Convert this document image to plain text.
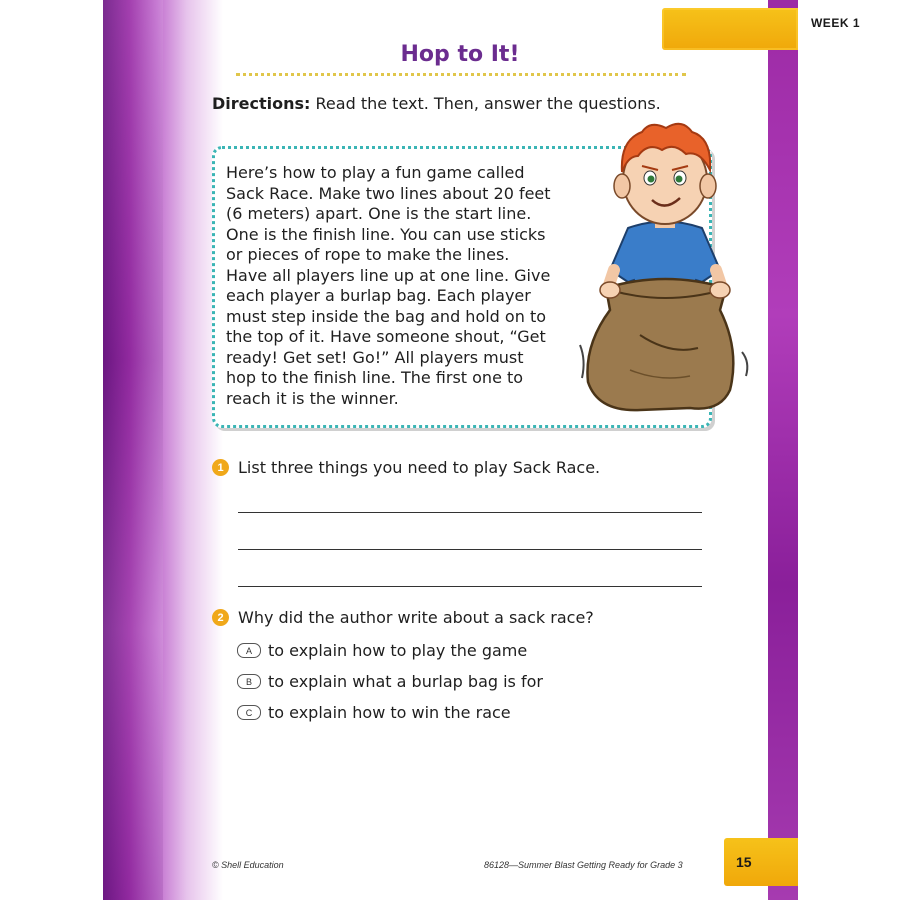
WEEK 1
Hop to It!
Directions: Read the text. Then, answer the questions.

Here’s how to play a fun game called
Sack Race. Make two lines about 20 feet
(6 meters) apart. One is the start line.
One is the finish line. You can use sticks
or pieces of rope to make the lines.
Have all players line up at one line. Give
each player a burlap bag. Each player
must step inside the bag and hold on to
the top of it. Have someone shout, “Get
ready! Get set! Go!” All players must
hop to the finish line. The first one to
reach it is the winner.

1 List three things you need to play Sack Race.
2 Why did the author write about a sack race?
A	to explain how to play the game
B	to explain what a burlap bag is for
C to explain how to win the race
© Shell Education	86128—Summer Blast Getting Ready for Grade 3	15
